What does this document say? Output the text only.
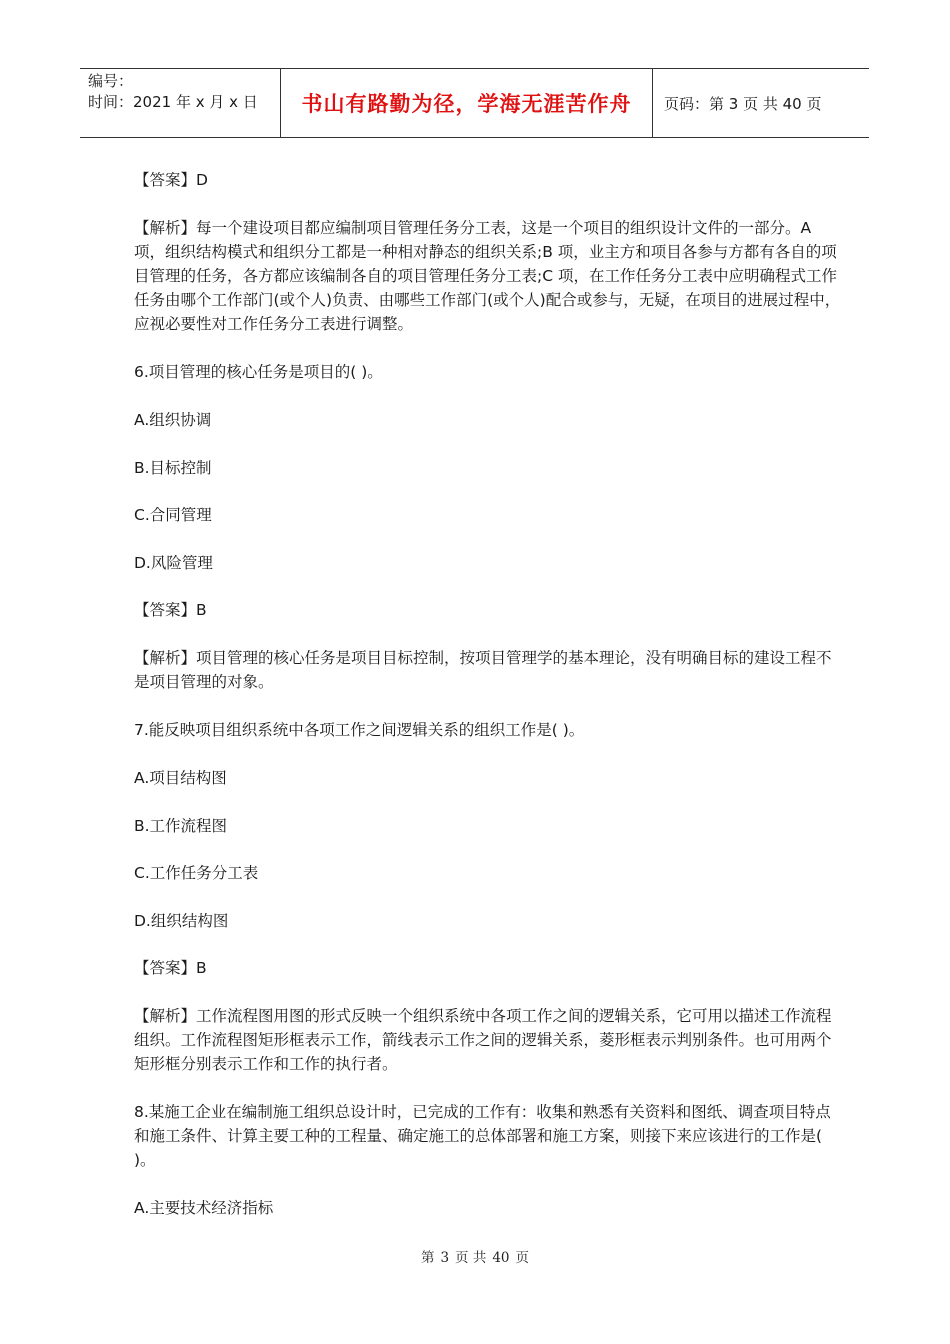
编号：
时间：2021 年 x 月 x 日	书山有路勤为径，学海无涯苦作舟	页码：第 3 页 共 40 页

【答案】D

【解析】每一个建设项目都应编制项目管理任务分工表，这是一个项目的组织设计文件的一部分。A 项，组织结构模式和组织分工都是一种相对静态的组织关系;B 项，业主方和项目各参与方都有各自的项目管理的任务，各方都应该编制各自的项目管理任务分工表;C 项，在工作任务分工表中应明确程式工作任务由哪个工作部门(或个人)负责、由哪些工作部门(或个人)配合或参与，无疑，在项目的进展过程中，应视必要性对工作任务分工表进行调整。

6.项目管理的核心任务是项目的( )。

A.组织协调

B.目标控制

C.合同管理

D.风险管理

【答案】B

【解析】项目管理的核心任务是项目目标控制，按项目管理学的基本理论，没有明确目标的建设工程不是项目管理的对象。

7.能反映项目组织系统中各项工作之间逻辑关系的组织工作是( )。

A.项目结构图

B.工作流程图

C.工作任务分工表

D.组织结构图

【答案】B

【解析】工作流程图用图的形式反映一个组织系统中各项工作之间的逻辑关系，它可用以描述工作流程组织。工作流程图矩形框表示工作，箭线表示工作之间的逻辑关系，菱形框表示判别条件。也可用两个矩形框分别表示工作和工作的执行者。

8.某施工企业在编制施工组织总设计时，已完成的工作有：收集和熟悉有关资料和图纸、调查项目特点和施工条件、计算主要工种的工程量、确定施工的总体部署和施工方案，则接下来应该进行的工作是( )。

A.主要技术经济指标

第 3 页 共 40 页
